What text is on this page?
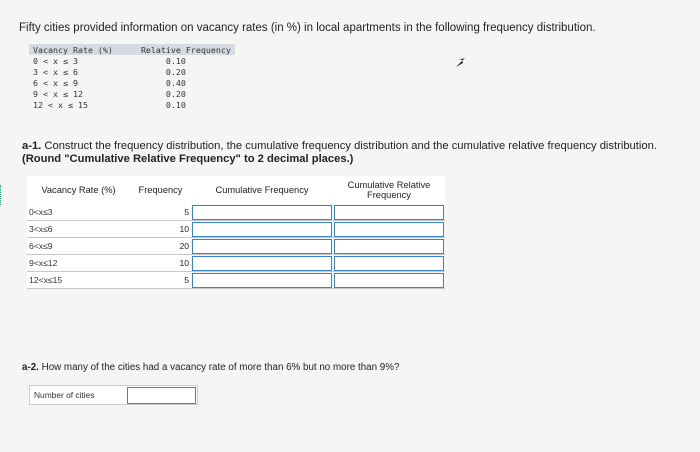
Fifty cities provided information on vacancy rates (in %) in local apartments in the following frequency distribution.
Vacancy Rate (%)	Relative Frequency
0 < x ≤ 3	0.10
3 < x ≤ 6	0.20
6 < x ≤ 9	0.40
9 < x ≤ 12	0.20
12 < x ≤ 15	0.10
a-1. Construct the frequency distribution, the cumulative frequency distribution and the cumulative relative frequency distribution.
(Round "Cumulative Relative Frequency" to 2 decimal places.)
Vacancy Rate (%)	Frequency	Cumulative Frequency	Cumulative Relative Frequency
0<x≤3	5	

3<x≤6	10	

6<x≤9	20	

9<x≤12	10	

12<x≤15	5	

a-2. How many of the cities had a vacancy rate of more than 6% but no more than 9%?
Number of cities
